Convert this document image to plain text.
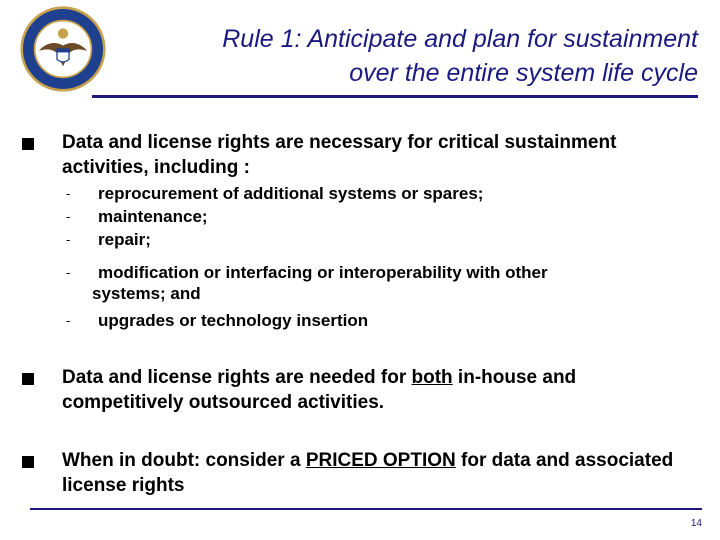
Rule 1: Anticipate and plan for sustainment
over the entire system life cycle
Data and license rights are necessary for critical sustainment activities, including :
- reprocurement of additional systems or spares;
- maintenance;
- repair;
- modification or interfacing or interoperability with other
systems; and
- upgrades or technology insertion
Data and license rights are needed for both in-house and competitively outsourced activities.
When in doubt: consider a PRICED OPTION for data and associated license rights
14
